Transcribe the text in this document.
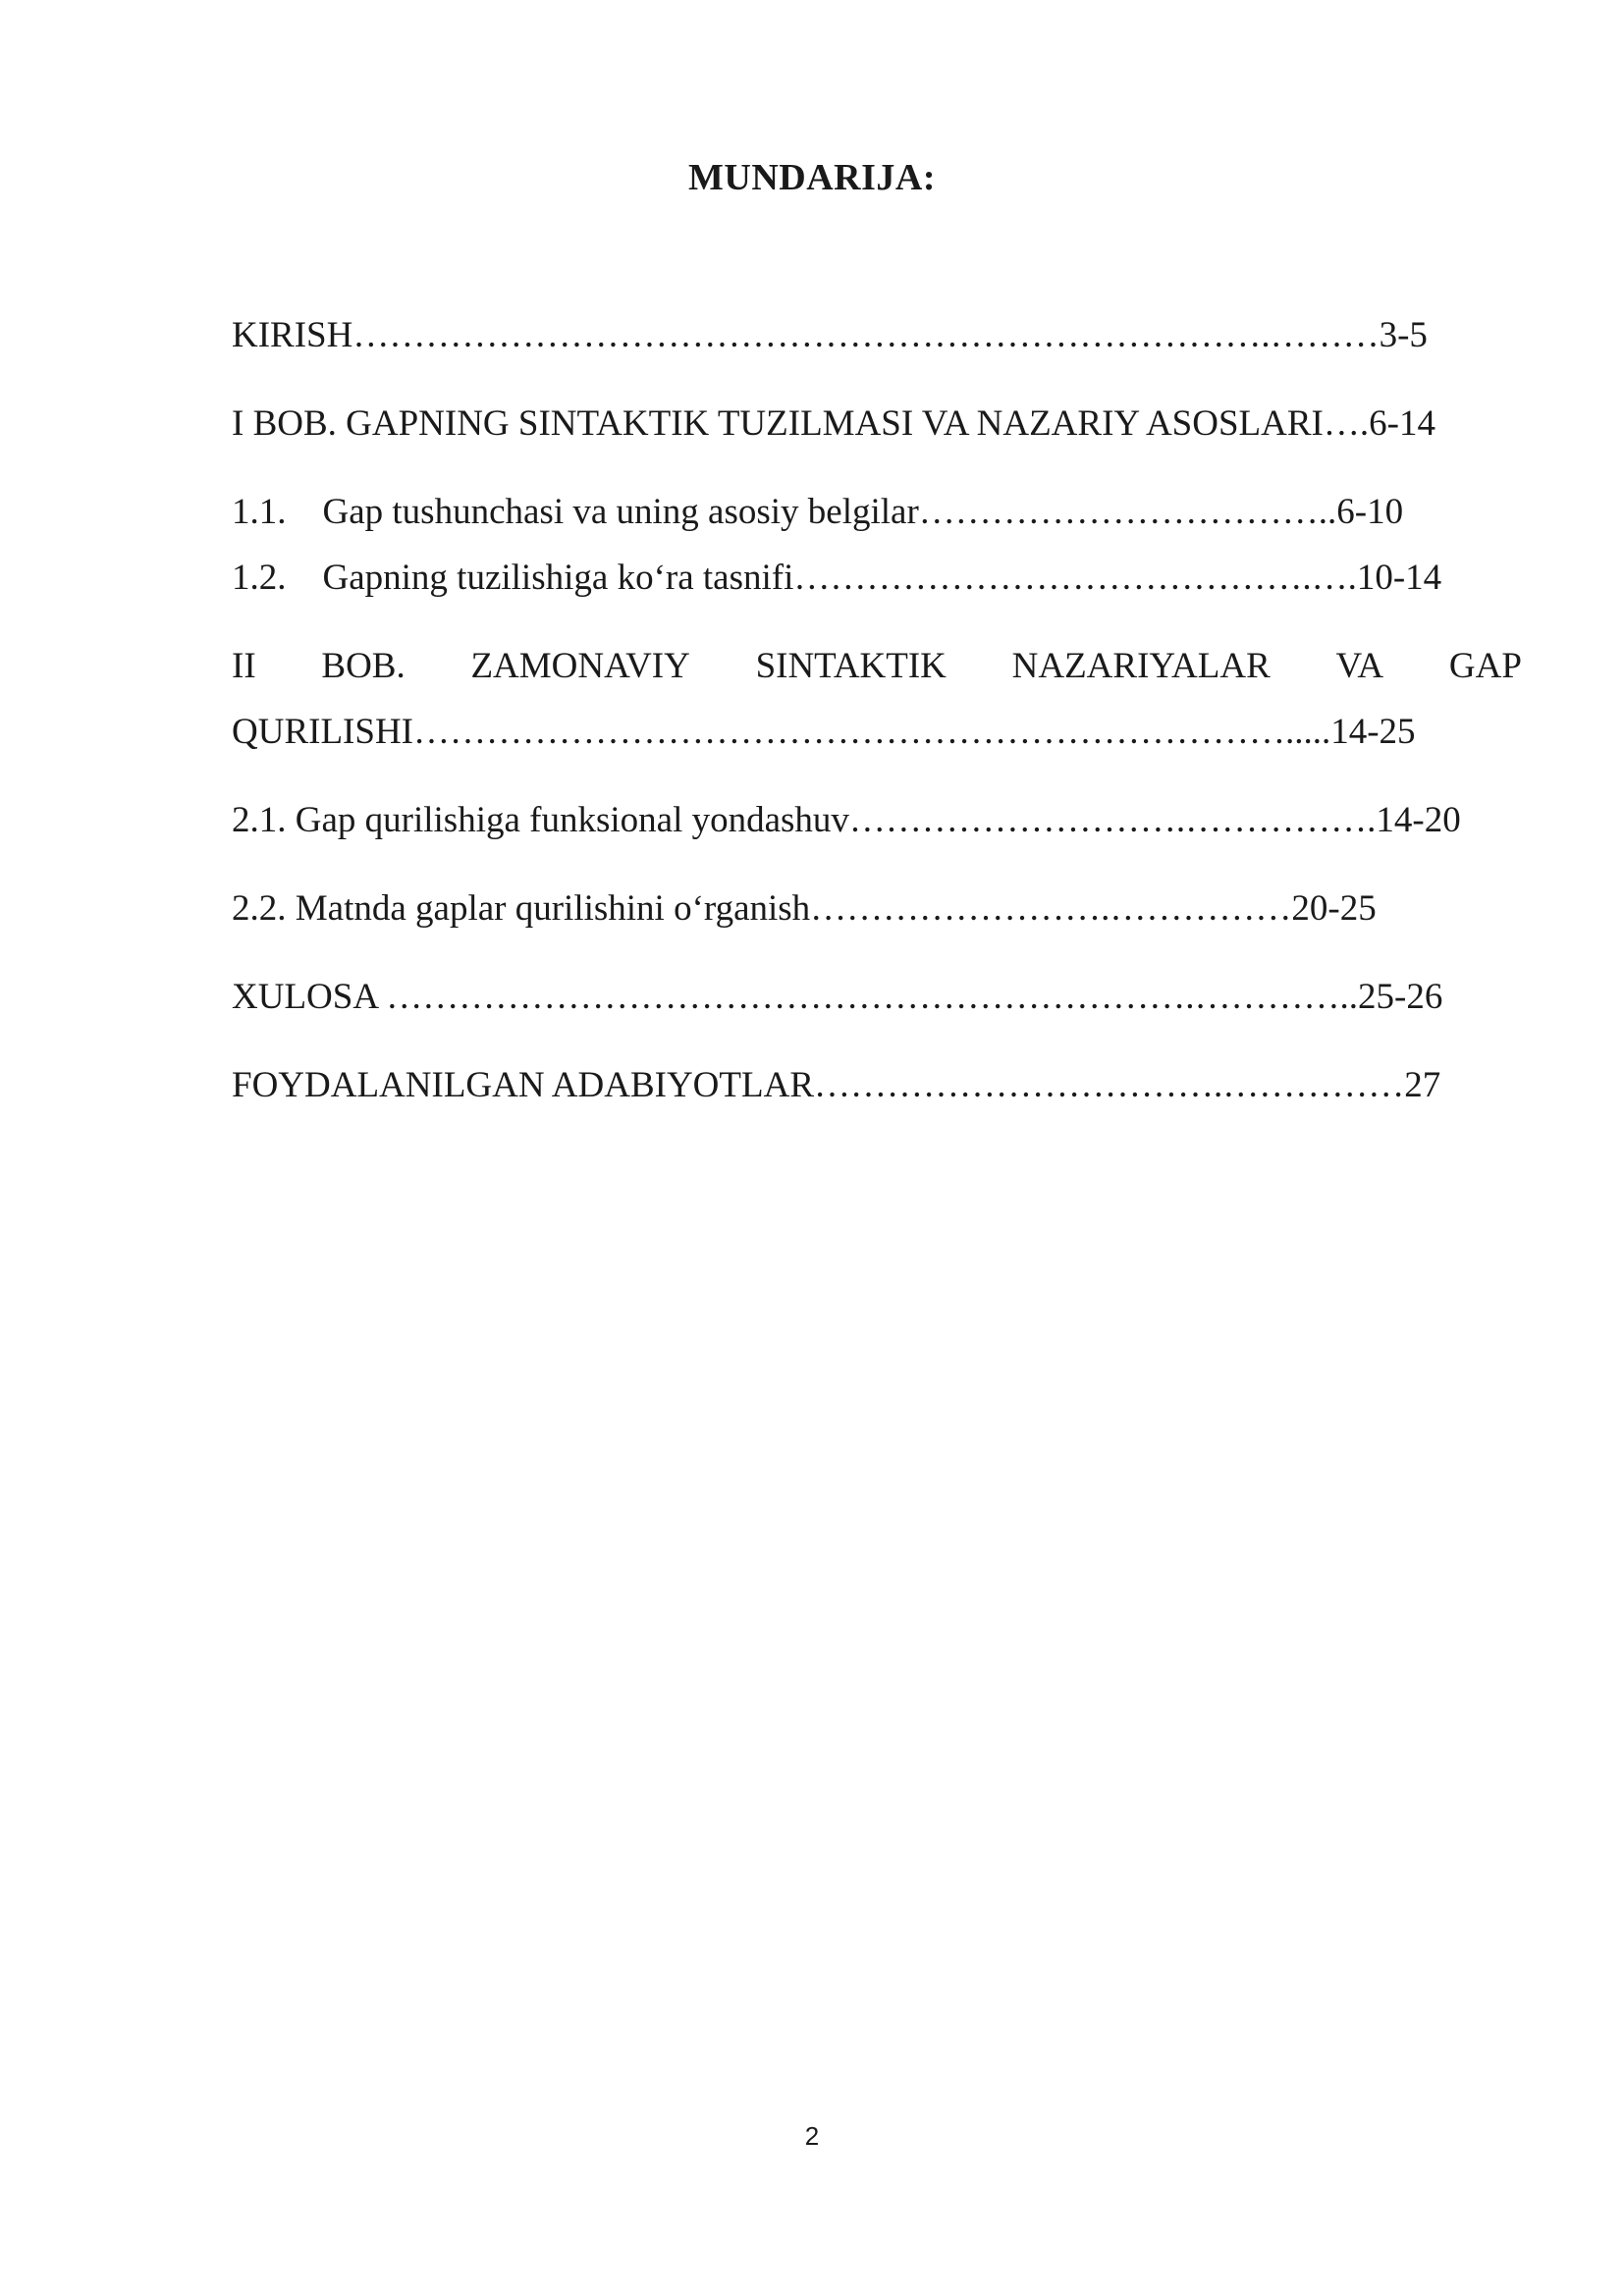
MUNDARIJA:

KIRISH………………………………………………………………….………3-5

I BOB. GAPNING SINTAKTIK TUZILMASI VA NAZARIY ASOSLARI….6-14

1.1.    Gap tushunchasi va uning asosiy belgilar……………………………..6-10

1.2.    Gapning tuzilishiga ko‘ra tasnifi…………………………………….….10-14

II BOB. ZAMONAVIY SINTAKTIK NAZARIYALAR VA GAP

QURILISHI……………………………………………………………….....14-25

2.1. Gap qurilishiga funksional yondashuv……………………….…………….14-20

2.2. Matnda gaplar qurilishini o‘rganish…………………….……………20-25

XULOSA ………………………………………………………….…………..25-26

FOYDALANILGAN ADABIYOTLAR…………………………….……………27

2
